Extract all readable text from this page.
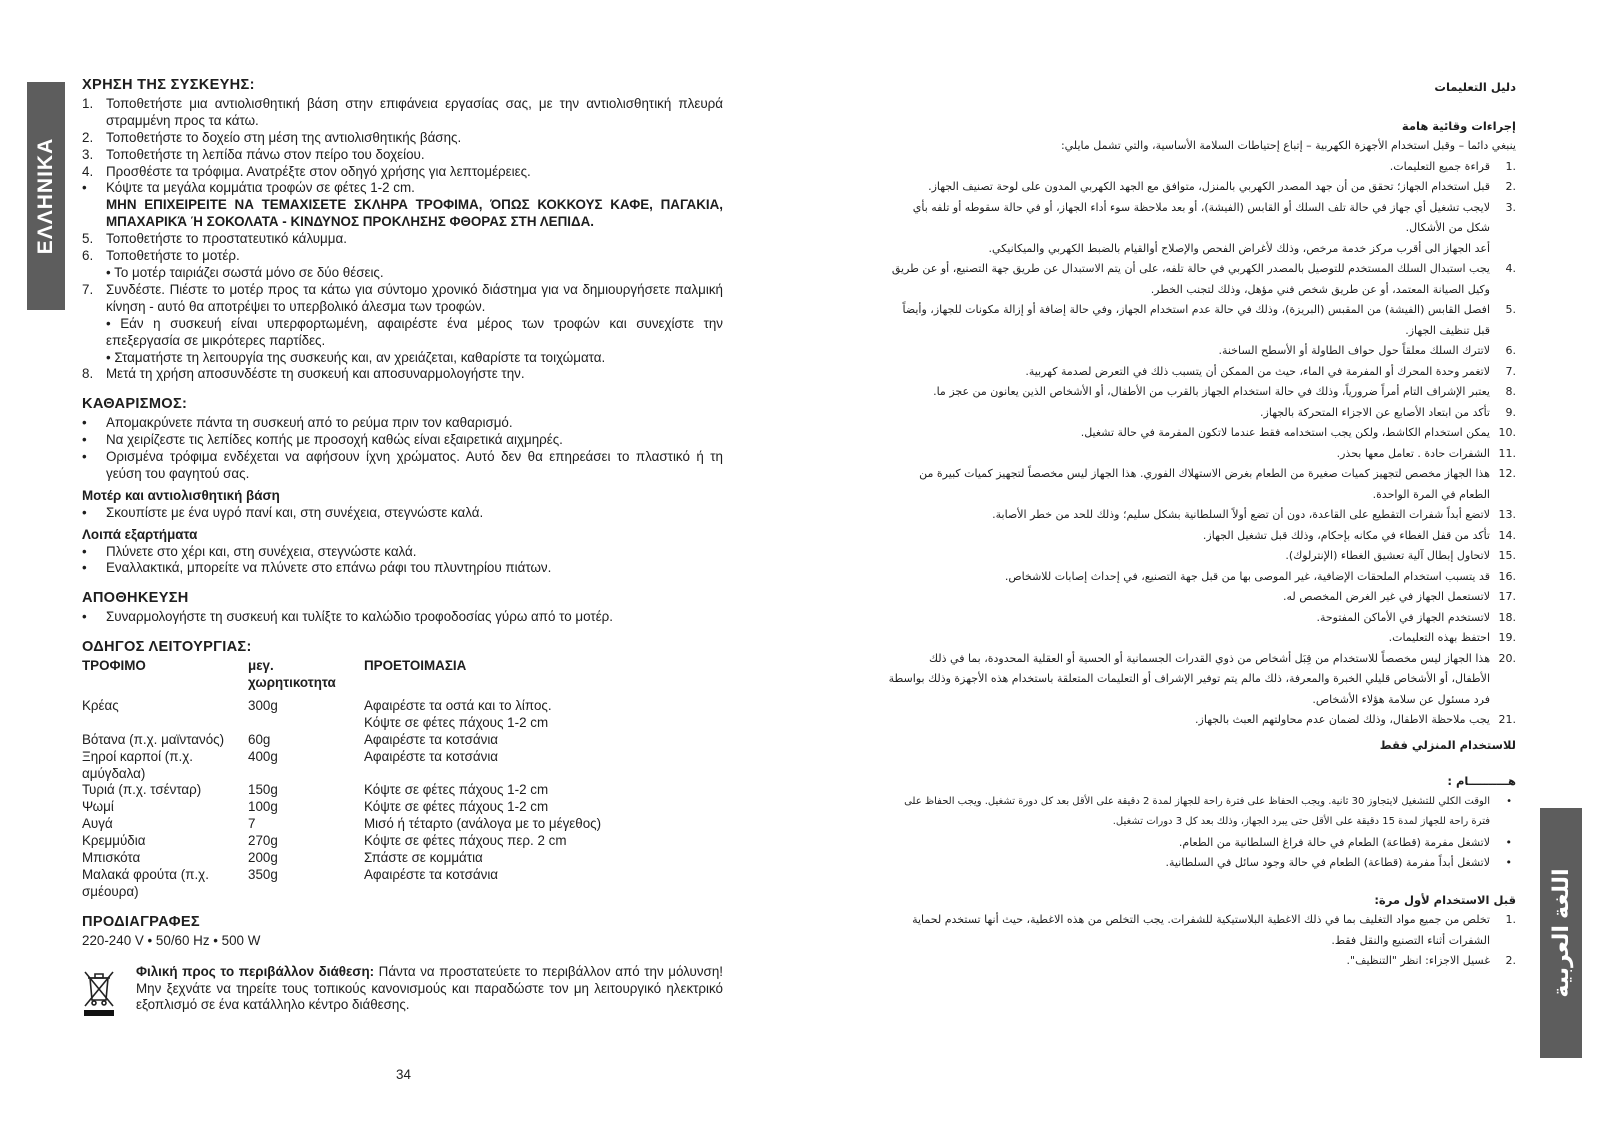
ΕΛΛΗΝΙΚΑ
اللغة العربية
ΧΡΗΣΗ ΤΗΣ ΣΥΣΚΕΥΗΣ:
1. Τοποθετήστε μια αντιολισθητική βάση στην επιφάνεια εργασίας σας, με την αντιολισθητική πλευρά στραμμένη προς τα κάτω.
2. Τοποθετήστε το δοχείο στη μέση της αντιολισθητικής βάσης.
3. Τοποθετήστε τη λεπίδα πάνω στον πείρο του δοχείου.
4. Προσθέστε τα τρόφιμα. Ανατρέξτε στον οδηγό χρήσης για λεπτομέρειες.
• Κόψτε τα μεγάλα κομμάτια τροφών σε φέτες 1-2 cm.
ΜΗΝ ΕΠΙΧΕΙΡΕΙΤΕ ΝΑ ΤΕΜΑΧΙΣΕΤΕ ΣΚΛΗΡΑ ΤΡΟΦΙΜΑ, ΌΠΩΣ ΚΟΚΚΟΥΣ ΚΑΦΕ, ΠΑΓΑΚΙΑ, ΜΠΑΧΑΡΙΚΆ Ή ΣΟΚΟΛΑΤΑ - ΚΙΝΔΥΝΟΣ ΠΡΟΚΛΗΣΗΣ ΦΘΟΡΑΣ ΣΤΗ ΛΕΠΙΔΑ.
5. Τοποθετήστε το προστατευτικό κάλυμμα.
6. Τοποθετήστε το μοτέρ.
• Το μοτέρ ταιριάζει σωστά μόνο σε δύο θέσεις.
7. Συνδέστε. Πιέστε το μοτέρ προς τα κάτω για σύντομο χρονικό διάστημα για να δημιουργήσετε παλμική κίνηση - αυτό θα αποτρέψει το υπερβολικό άλεσμα των τροφών.
• Εάν η συσκευή είναι υπερφορτωμένη, αφαιρέστε ένα μέρος των τροφών και συνεχίστε την επεξεργασία σε μικρότερες παρτίδες.
• Σταματήστε τη λειτουργία της συσκευής και, αν χρειάζεται, καθαρίστε τα τοιχώματα.
8. Μετά τη χρήση αποσυνδέστε τη συσκευή και αποσυναρμολογήστε την.
ΚΑΘΑΡΙΣΜΟΣ:
• Απομακρύνετε πάντα τη συσκευή από το ρεύμα πριν τον καθαρισμό.
• Να χειρίζεστε τις λεπίδες κοπής με προσοχή καθώς είναι εξαιρετικά αιχμηρές.
• Ορισμένα τρόφιμα ενδέχεται να αφήσουν ίχνη χρώματος. Αυτό δεν θα επηρεάσει το πλαστικό ή τη γεύση του φαγητού σας.
Μοτέρ και αντιολισθητική βάση
• Σκουπίστε με ένα υγρό πανί και, στη συνέχεια, στεγνώστε καλά.
Λοιπά εξαρτήματα
• Πλύνετε στο χέρι και, στη συνέχεια, στεγνώστε καλά.
• Εναλλακτικά, μπορείτε να πλύνετε στο επάνω ράφι του πλυντηρίου πιάτων.
ΑΠΟΘΗΚΕΥΣΗ
• Συναρμολογήστε τη συσκευή και τυλίξτε το καλώδιο τροφοδοσίας γύρω από το μοτέρ.
ΟΔΗΓΟΣ ΛΕΙΤΟΥΡΓΙΑΣ:
ΤΡΟΦΙΜΟ	μεγ. χωρητικοτητα	ΠΡΟΕΤΟΙΜΑΣΙΑ
Κρέας	300g	Αφαιρέστε τα οστά και το λίπος.
Κόψτε σε φέτες πάχους 1-2 cm
Βότανα (π.χ. μαϊντανός)	60g	Αφαιρέστε τα κοτσάνια
Ξηροί καρποί (π.χ. αμύγδαλα)	400g	Αφαιρέστε τα κοτσάνια
Τυριά (π.χ. τσένταρ)	150g	Κόψτε σε φέτες πάχους 1-2 cm
Ψωμί	100g	Κόψτε σε φέτες πάχους 1-2 cm
Αυγά	7	Μισό ή τέταρτο (ανάλογα με το μέγεθος)
Κρεμμύδια	270g	Κόψτε σε φέτες πάχους περ. 2 cm
Μπισκότα	200g	Σπάστε σε κομμάτια
Μαλακά φρούτα (π.χ. σμέουρα)	350g	Αφαιρέστε τα κοτσάνια
ΠΡΟΔΙΑΓΡΑΦΕΣ
220-240 V • 50/60 Hz • 500 W
Φιλική προς το περιβάλλον διάθεση: Πάντα να προστατεύετε το περιβάλλον από την μόλυνση! Μην ξεχνάτε να τηρείτε τους τοπικούς κανονισμούς και παραδώστε τον μη λειτουργικό ηλεκτρικό εξοπλισμό σε ένα κατάλληλο κέντρο διάθεσης.
34
دليل التعليمات
إجراءات وقائية هامة
ينبغي دائما – وقبل استخدام الأجهزة الكهربية – إتباع إحتياطات السلامة الأساسية، والتي تشمل مايلي:
.1
قراءة جميع التعليمات.
.2
قبل استخدام الجهاز؛ تحقق من أن جهد المصدر الكهربي بالمنزل، متوافق مع الجهد الكهربي المدون على لوحة تصنيف الجهاز.
.3
لايجب تشغيل أي جهاز في حالة تلف السلك أو القابس (الفيشة)، أو بعد ملاحظة سوء أداء الجهاز، أو في حالة سقوطه أو تلفه بأي شكل من الأشكال.
أعد الجهاز الى أقرب مركز خدمة مرخص، وذلك لأغراض الفحص والإصلاح أوالقيام بالضبط الكهربي والميكانيكي.
.4
يجب استبدال السلك المستخدم للتوصيل بالمصدر الكهربي في حالة تلفه، على أن يتم الاستبدال عن طريق جهة التصنيع، أو عن طريق وكيل الصيانة المعتمد، أو عن طريق شخص فني مؤهل، وذلك لتجنب الخطر.
.5
افصل القابس (الفيشة) من المقبس (البريزة)، وذلك في حالة عدم استخدام الجهاز، وفي حالة إضافة أو إزالة مكونات للجهاز، وأيضاً قبل تنظيف الجهاز.
.6
لاتترك السلك معلقاً حول حواف الطاولة أو الأسطح الساخنة.
.7
لاتغمر وحدة المحرك أو المفرمة في الماء، حيث من الممكن أن يتسبب ذلك في التعرض لصدمة كهربية.
.8
يعتبر الإشراف التام أمراً ضرورياً، وذلك في حالة استخدام الجهاز بالقرب من الأطفال، أو الأشخاص الذين يعانون من عجز ما.
.9
تأكد من ابتعاد الأصابع عن الاجزاء المتحركة بالجهاز.
.10
يمكن استخدام الكاشط، ولكن يجب استخدامه فقط عندما لاتكون المفرمة في حالة تشغيل.
.11
الشفرات حادة . تعامل معها بحذر.
.12
هذا الجهاز مخصص لتجهيز كميات صغيرة من الطعام بغرض الاستهلاك الفوري. هذا الجهاز ليس مخصصاً لتجهيز كميات كبيرة من الطعام في المرة الواحدة.
.13
لاتضع أبداً شفرات التقطيع على القاعدة، دون أن تضع أولاً السلطانية بشكل سليم؛ وذلك للحد من خطر الأصابة.
.14
تأكد من قفل الغطاء في مكانه بإحكام، وذلك قبل تشغيل الجهاز.
.15
لاتحاول إبطال آلية تعشيق الغطاء (الإنترلوك).
.16
قد يتسبب استخدام الملحقات الإضافية، غير الموصى بها من قبل جهة التصنيع، في إحداث إصابات للاشخاص.
.17
لاتستعمل الجهاز في غير الغرض المخصص له.
.18
لاتستخدم الجهاز في الأماكن المفتوحة.
.19
احتفظ بهذه التعليمات.
.20
هذا الجهاز ليس مخصصاً للاستخدام من قِبَل أشخاص من ذوي القدرات الجسمانية أو الحسية أو العقلية المحدودة، بما في ذلك الأطفال، أو الأشخاص قليلي الخبرة والمعرفة، ذلك مالم يتم توفير الإشراف أو التعليمات المتعلقة باستخدام هذه الأجهزة وذلك بواسطة فرد مسئول عن سلامة هؤلاء الأشخاص.
.21
يجب ملاحظة الاطفال، وذلك لضمان عدم محاولتهم العبث بالجهاز.
للاستخدام المنزلي فقط
هــــــــــام :
• الوقت الكلي للتشغيل لايتجاوز 30 ثانية. ويجب الحفاظ على فترة راحة للجهاز لمدة 2 دقيقة على الأقل بعد كل دورة تشغيل. ويجب الحفاظ على فترة راحة للجهاز لمدة 15 دقيقة على الأقل حتى يبرد الجهاز، وذلك بعد كل 3 دورات تشغيل.
• لاتشغل مفرمة (قطاعة) الطعام في حالة فراغ السلطانية من الطعام.
• لاتشغل أبداً مفرمة (قطاعة) الطعام في حالة وجود سائل في السلطانية.
قبل الاستخدام لأول مرة:
.1
تخلص من جميع مواد التغليف بما في ذلك الاغطية البلاستيكية للشفرات. يجب التخلص من هذه الاغطية، حيث أنها تستخدم لحماية الشفرات أثناء التصنيع والنقل فقط.
.2
غسيل الاجزاء: انظر "التنظيف".
